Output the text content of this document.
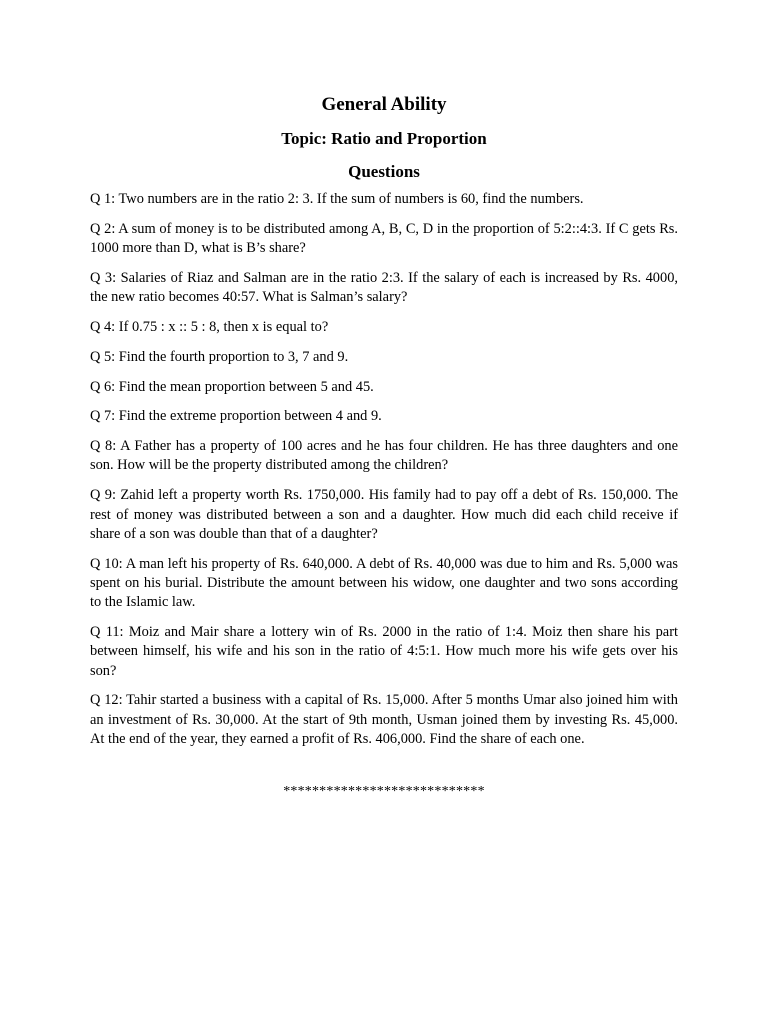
General Ability
Topic: Ratio and Proportion
Questions

Q 1: Two numbers are in the ratio 2: 3. If the sum of numbers is 60, find the numbers.

Q 2: A sum of money is to be distributed among A, B, C, D in the proportion of 5:2::4:3. If C gets Rs. 1000 more than D, what is B’s share?

Q 3: Salaries of Riaz and Salman are in the ratio 2:3. If the salary of each is increased by Rs. 4000, the new ratio becomes 40:57. What is Salman’s salary?

Q 4: If 0.75 : x :: 5 : 8, then x is equal to?

Q 5: Find the fourth proportion to 3, 7 and 9.

Q 6: Find the mean proportion between 5 and 45.

Q 7: Find the extreme proportion between 4 and 9.

Q 8: A Father has a property of 100 acres and he has four children. He has three daughters and one son. How will be the property distributed among the children?

Q 9: Zahid left a property worth Rs. 1750,000. His family had to pay off a debt of Rs. 150,000. The rest of money was distributed between a son and a daughter. How much did each child receive if share of a son was double than that of a daughter?

Q 10: A man left his property of Rs. 640,000. A debt of Rs. 40,000 was due to him and Rs. 5,000 was spent on his burial. Distribute the amount between his widow, one daughter and two sons according to the Islamic law.

Q 11: Moiz and Mair share a lottery win of Rs. 2000 in the ratio of 1:4. Moiz then share his part between himself, his wife and his son in the ratio of 4:5:1. How much more his wife gets over his son?

Q 12: Tahir started a business with a capital of Rs. 15,000. After 5 months Umar also joined him with an investment of Rs. 30,000. At the start of 9th month, Usman joined them by investing Rs. 45,000. At the end of the year, they earned a profit of Rs. 406,000. Find the share of each one.

****************************
